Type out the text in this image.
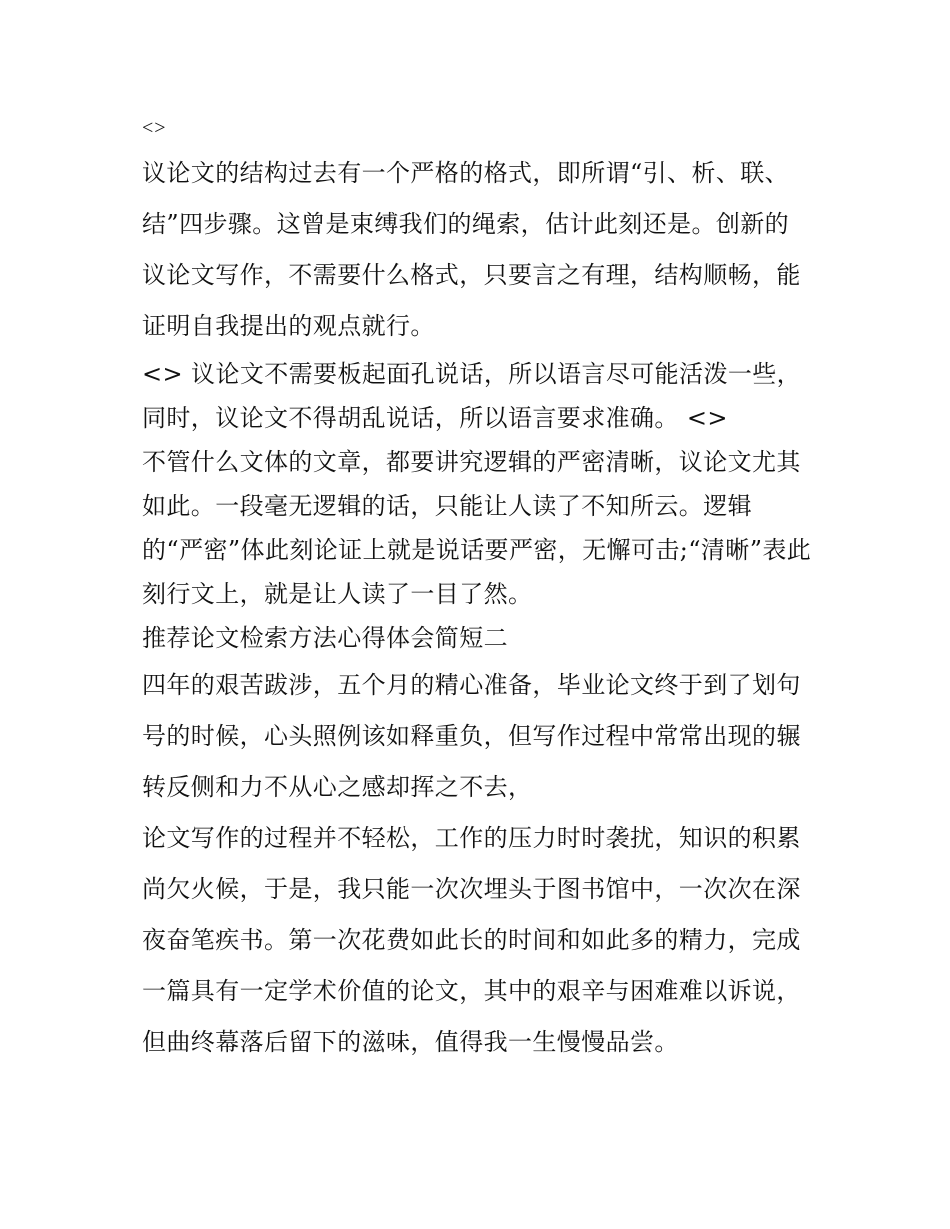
<>
议论文的结构过去有一个严格的格式，即所谓“引、析、联、
结”四步骤。这曾是束缚我们的绳索，估计此刻还是。创新的
议论文写作，不需要什么格式，只要言之有理，结构顺畅，能
证明自我提出的观点就行。
<> 议论文不需要板起面孔说话，所以语言尽可能活泼一些，
同时，议论文不得胡乱说话，所以语言要求准确。 <>
不管什么文体的文章，都要讲究逻辑的严密清晰，议论文尤其
如此。一段毫无逻辑的话，只能让人读了不知所云。逻辑
的“严密”体此刻论证上就是说话要严密，无懈可击;“清晰”表此
刻行文上，就是让人读了一目了然。
推荐论文检索方法心得体会简短二
四年的艰苦跋涉，五个月的精心准备，毕业论文终于到了划句
号的时候，心头照例该如释重负，但写作过程中常常出现的辗
转反侧和力不从心之感却挥之不去，
论文写作的过程并不轻松，工作的压力时时袭扰，知识的积累
尚欠火候，于是，我只能一次次埋头于图书馆中，一次次在深
夜奋笔疾书。第一次花费如此长的时间和如此多的精力，完成
一篇具有一定学术价值的论文，其中的艰辛与困难难以诉说，
但曲终幕落后留下的滋味，值得我一生慢慢品尝。
